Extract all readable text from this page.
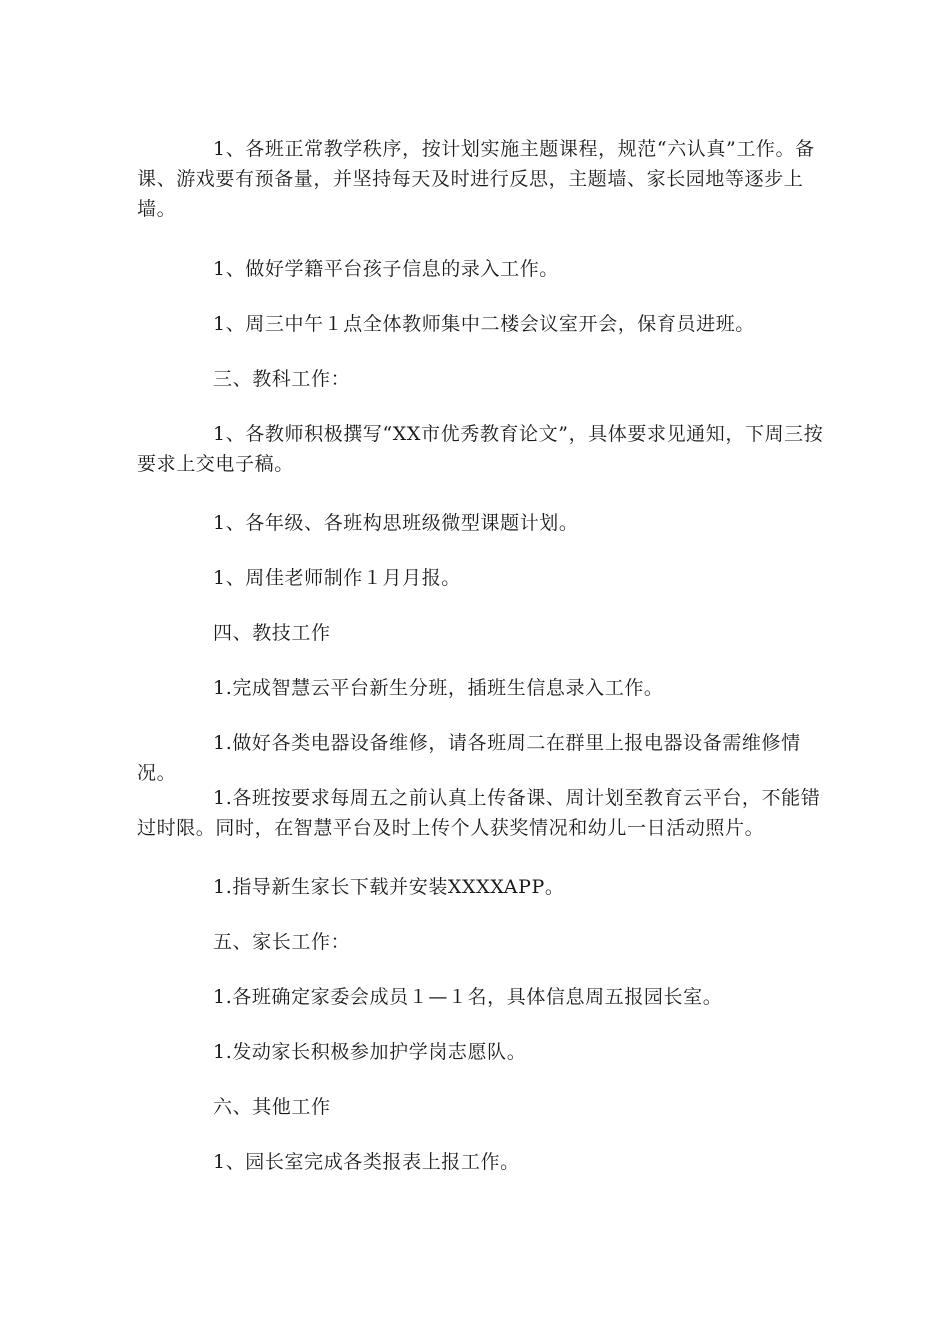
1、各班正常教学秩序，按计划实施主题课程，规范“六认真”工作。备课、游戏要有预备量，并坚持每天及时进行反思，主题墙、家长园地等逐步上墙。

1、做好学籍平台孩子信息的录入工作。

1、周三中午１点全体教师集中二楼会议室开会，保育员进班。

三、教科工作：

1、各教师积极撰写“XX市优秀教育论文”，具体要求见通知，下周三按要求上交电子稿。

1、各年级、各班构思班级微型课题计划。

1、周佳老师制作１月月报。

四、教技工作

1.完成智慧云平台新生分班，插班生信息录入工作。

1.做好各类电器设备维修，请各班周二在群里上报电器设备需维修情况。

1.各班按要求每周五之前认真上传备课、周计划至教育云平台，不能错过时限。同时，在智慧平台及时上传个人获奖情况和幼儿一日活动照片。

1.指导新生家长下载并安装XXXXAPP。

五、家长工作：

1.各班确定家委会成员１—１名，具体信息周五报园长室。

1.发动家长积极参加护学岗志愿队。

六、其他工作

1、园长室完成各类报表上报工作。
